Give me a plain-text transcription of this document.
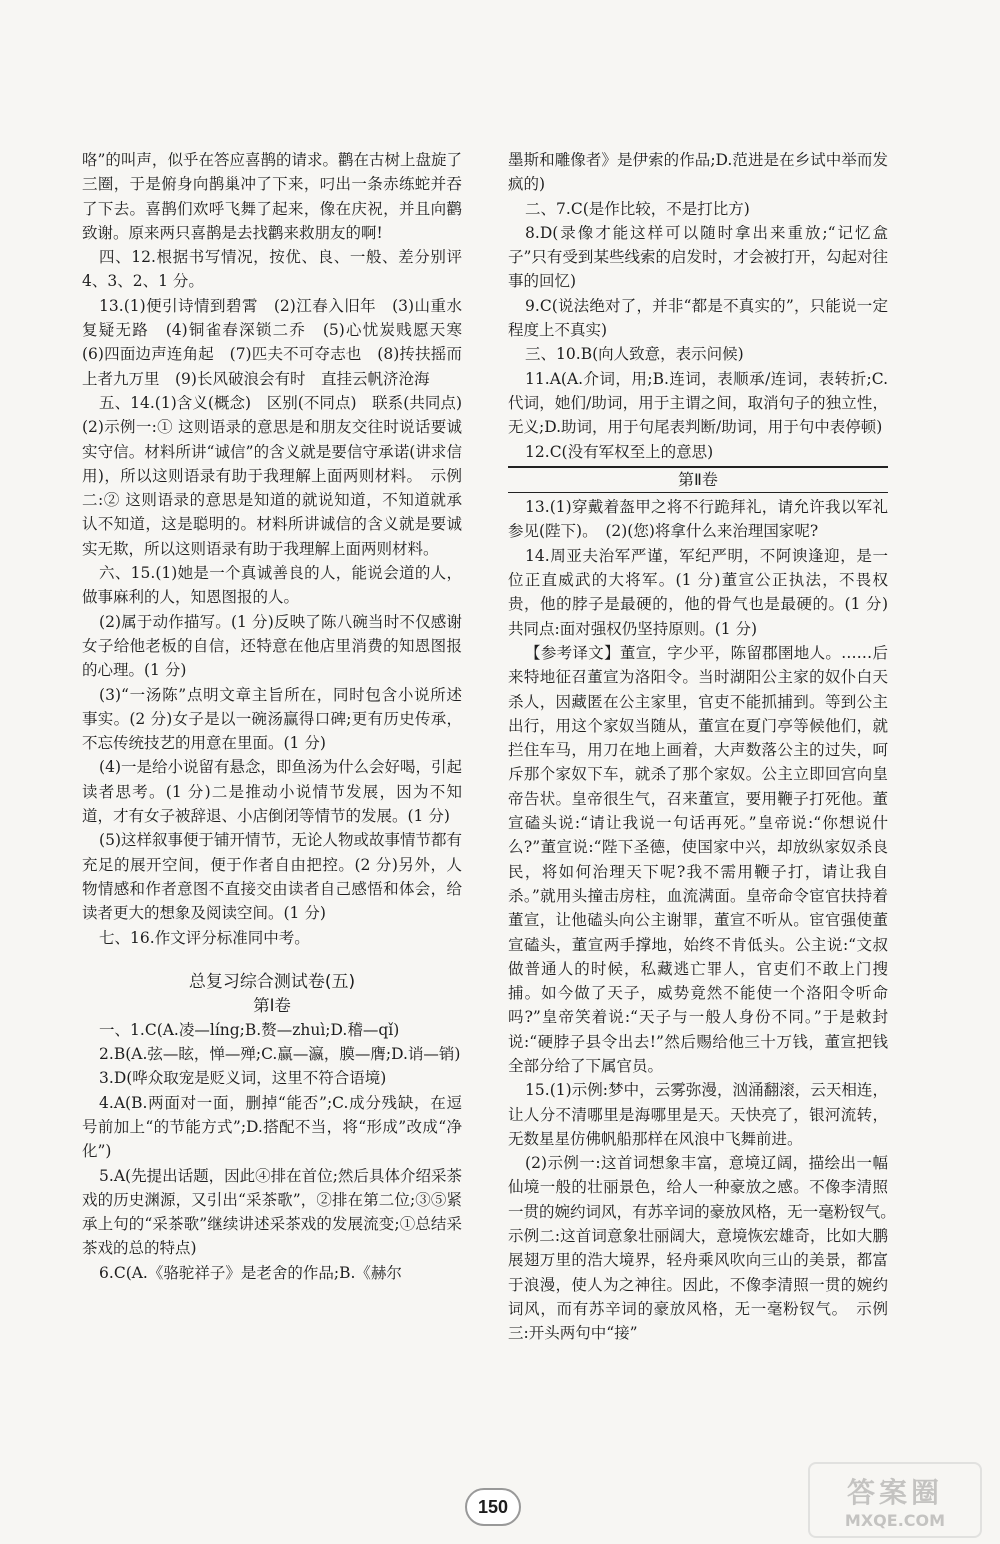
咯”的叫声，似乎在答应喜鹊的请求。鹳在古树上盘旋了三圈，于是俯身向鹊巢冲了下来，叼出一条赤练蛇并吞了下去。喜鹊们欢呼飞舞了起来，像在庆祝，并且向鹳致谢。原来两只喜鹊是去找鹳来救朋友的啊!

四、12.根据书写情况，按优、良、一般、差分别评 4、3、2、1 分。

13.(1)便引诗情到碧霄　(2)江春入旧年　(3)山重水复疑无路　(4)铜雀春深锁二乔　(5)心忧炭贱愿天寒　(6)四面边声连角起　(7)匹夫不可夺志也　(8)抟扶摇而上者九万里　(9)长风破浪会有时　直挂云帆济沧海

五、14.(1)含义(概念)　区别(不同点)　联系(共同点)　(2)示例一:① 这则语录的意思是和朋友交往时说话要诚实守信。材料所讲“诚信”的含义就是要信守承诺(讲求信用)，所以这则语录有助于我理解上面两则材料。　示例二:② 这则语录的意思是知道的就说知道，不知道就承认不知道，这是聪明的。材料所讲诚信的含义就是要诚实无欺，所以这则语录有助于我理解上面两则材料。

六、15.(1)她是一个真诚善良的人，能说会道的人，做事麻利的人，知恩图报的人。

(2)属于动作描写。(1 分)反映了陈八碗当时不仅感谢女子给他老板的自信，还特意在他店里消费的知恩图报的心理。(1 分)

(3)“一汤陈”点明文章主旨所在，同时包含小说所述事实。(2 分)女子是以一碗汤赢得口碑;更有历史传承，不忘传统技艺的用意在里面。(1 分)

(4)一是给小说留有悬念，即鱼汤为什么会好喝，引起读者思考。(1 分)二是推动小说情节发展，因为不知道，才有女子被辞退、小店倒闭等情节的发展。(1 分)

(5)这样叙事便于铺开情节，无论人物或故事情节都有充足的展开空间，便于作者自由把控。(2 分)另外，人物情感和作者意图不直接交由读者自己感悟和体会，给读者更大的想象及阅读空间。(1 分)

七、16.作文评分标准同中考。

总复习综合测试卷(五)
第Ⅰ卷

一、1.C(A.凌—líng;B.赘—zhuì;D.稽—qǐ)

2.B(A.弦—眩，惮—殚;C.赢—瀛，膜—膺;D.诮—销)

3.D(哗众取宠是贬义词，这里不符合语境)

4.A(B.两面对一面，删掉“能否”;C.成分残缺，在逗号前加上“的节能方式”;D.搭配不当，将“形成”改成“净化”)

5.A(先提出话题，因此④排在首位;然后具体介绍采茶戏的历史渊源，又引出“采茶歌”，②排在第二位;③⑤紧承上句的“采茶歌”继续讲述采茶戏的发展流变;①总结采茶戏的总的特点)

6.C(A.《骆驼祥子》是老舍的作品;B.《赫尔

墨斯和雕像者》是伊索的作品;D.范进是在乡试中举而发疯的)

二、7.C(是作比较，不是打比方)

8.D(录像才能这样可以随时拿出来重放;“记忆盒子”只有受到某些线索的启发时，才会被打开，勾起对往事的回忆)

9.C(说法绝对了，并非“都是不真实的”，只能说一定程度上不真实)

三、10.B(向人致意，表示问候)

11.A(A.介词，用;B.连词，表顺承/连词，表转折;C.代词，她们/助词，用于主谓之间，取消句子的独立性，无义;D.助词，用于句尾表判断/助词，用于句中表停顿)

12.C(没有军权至上的意思)

第Ⅱ卷

13.(1)穿戴着盔甲之将不行跪拜礼，请允许我以军礼参见(陛下)。　(2)(您)将拿什么来治理国家呢?

14.周亚夫治军严谨，军纪严明，不阿谀逢迎，是一位正直威武的大将军。(1 分)董宣公正执法，不畏权贵，他的脖子是最硬的，他的骨气也是最硬的。(1 分)　共同点:面对强权仍坚持原则。(1 分)

【参考译文】董宣，字少平，陈留郡圉地人。……后来特地征召董宣为洛阳令。当时湖阳公主家的奴仆白天杀人，因藏匿在公主家里，官吏不能抓捕到。等到公主出行，用这个家奴当随从，董宣在夏门亭等候他们，就拦住车马，用刀在地上画着，大声数落公主的过失，呵斥那个家奴下车，就杀了那个家奴。公主立即回宫向皇帝告状。皇帝很生气，召来董宣，要用鞭子打死他。董宣磕头说:“请让我说一句话再死。”皇帝说:“你想说什么?”董宣说:“陛下圣德，使国家中兴，却放纵家奴杀良民，将如何治理天下呢?我不需用鞭子打，请让我自杀。”就用头撞击房柱，血流满面。皇帝命令宦官扶持着董宣，让他磕头向公主谢罪，董宣不听从。宦官强使董宣磕头，董宣两手撑地，始终不肯低头。公主说:“文叔做普通人的时候，私藏逃亡罪人，官吏们不敢上门搜捕。如今做了天子，威势竟然不能使一个洛阳令听命吗?”皇帝笑着说:“天子与一般人身份不同。”于是敕封说:“硬脖子县令出去!”然后赐给他三十万钱，董宣把钱全部分给了下属官员。

15.(1)示例:梦中，云雾弥漫，汹涌翻滚，云天相连，让人分不清哪里是海哪里是天。天快亮了，银河流转，无数星星仿佛帆船那样在风浪中飞舞前进。

(2)示例一:这首词想象丰富，意境辽阔，描绘出一幅仙境一般的壮丽景色，给人一种豪放之感。不像李清照一贯的婉约词风，有苏辛词的豪放风格，无一毫粉钗气。　示例二:这首词意象壮丽阔大，意境恢宏雄奇，比如大鹏展翅万里的浩大境界，轻舟乘风吹向三山的美景，都富于浪漫，使人为之神往。因此，不像李清照一贯的婉约词风，而有苏辛词的豪放风格，无一毫粉钗气。　示例三:开头两句中“接”

150	答案圈
MXQE.COM
